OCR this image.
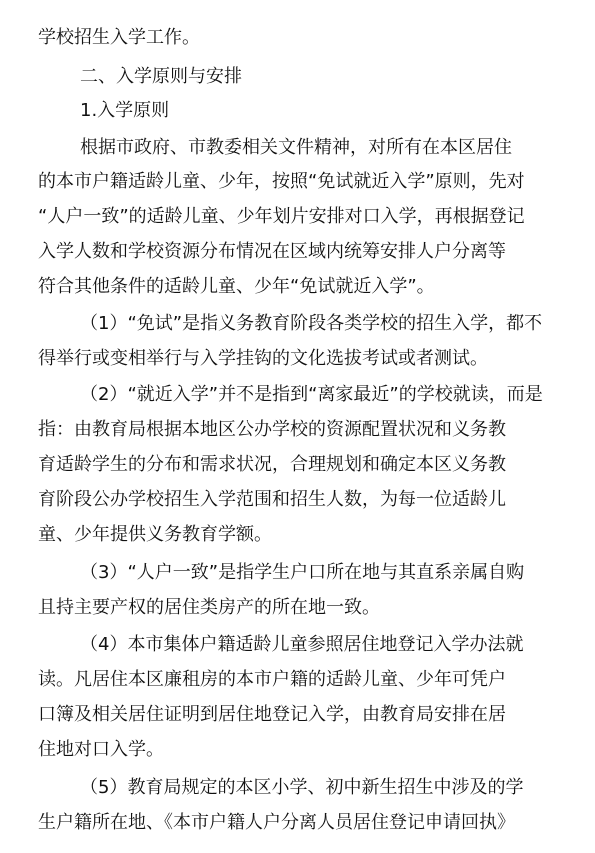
学校招生入学工作。
二、入学原则与安排
1.入学原则
根据市政府、市教委相关文件精神，对所有在本区居住
的本市户籍适龄儿童、少年，按照“免试就近入学”原则，先对
“人户一致”的适龄儿童、少年划片安排对口入学，再根据登记
入学人数和学校资源分布情况在区域内统筹安排人户分离等
符合其他条件的适龄儿童、少年“免试就近入学”。
（1）“免试”是指义务教育阶段各类学校的招生入学，都不
得举行或变相举行与入学挂钩的文化选拔考试或者测试。
（2）“就近入学”并不是指到“离家最近”的学校就读，而是
指：由教育局根据本地区公办学校的资源配置状况和义务教
育适龄学生的分布和需求状况，合理规划和确定本区义务教
育阶段公办学校招生入学范围和招生人数，为每一位适龄儿
童、少年提供义务教育学额。
（3）“人户一致”是指学生户口所在地与其直系亲属自购
且持主要产权的居住类房产的所在地一致。
（4）本市集体户籍适龄儿童参照居住地登记入学办法就
读。凡居住本区廉租房的本市户籍的适龄儿童、少年可凭户
口簿及相关居住证明到居住地登记入学，由教育局安排在居
住地对口入学。
（5）教育局规定的本区小学、初中新生招生中涉及的学
生户籍所在地、《本市户籍人户分离人员居住登记申请回执》
